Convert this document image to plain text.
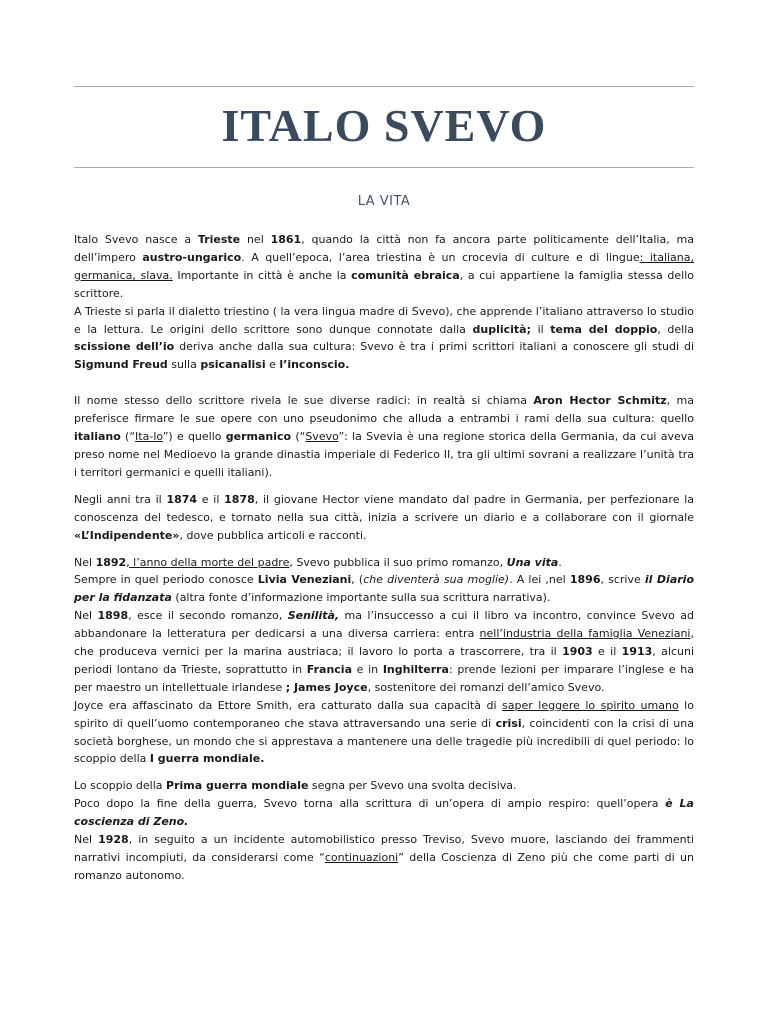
ITALO SVEVO
LA VITA

Italo Svevo nasce a Trieste nel 1861, quando la città non fa ancora parte politicamente dell’Italia, ma dell’impero austro-ungarico. A quell’epoca, l’area triestina è un crocevia di culture e di lingue: italiana, germanica, slava. Importante in città è anche la comunità ebraica, a cui appartiene la famiglia stessa dello scrittore.
A Trieste si parla il dialetto triestino ( la vera lingua madre di Svevo), che apprende l’italiano attraverso lo studio e la lettura. Le origini dello scrittore sono dunque connotate dalla duplicità; il tema del doppio, della scissione dell’io deriva anche dalla sua cultura: Svevo è tra i primi scrittori italiani a conoscere gli studi di Sigmund Freud sulla psicanalisi e l’inconscio.

Il nome stesso dello scrittore rivela le sue diverse radici: in realtà si chiama Aron Hector Schmitz, ma preferisce firmare le sue opere con uno pseudonimo che alluda a entrambi i rami della sua cultura: quello italiano (“Ita-lo”) e quello germanico (“Svevo”: la Svevia è una regione storica della Germania, da cui aveva preso nome nel Medioevo la grande dinastia imperiale di Federico II, tra gli ultimi sovrani a realizzare l’unità tra i territori germanici e quelli italiani).

Negli anni tra il 1874 e il 1878, il giovane Hector viene mandato dal padre in Germania, per perfezionare la conoscenza del tedesco, e tornato nella sua città, inizia a scrivere un diario e a collaborare con il giornale «L’Indipendente», dove pubblica articoli e racconti.

Nel 1892, l’anno della morte del padre, Svevo pubblica il suo primo romanzo, Una vita.
Sempre in quel periodo conosce Livia Veneziani, (che diventerà sua moglie). A lei ,nel 1896, scrive il Diario per la fidanzata (altra fonte d’informazione importante sulla sua scrittura narrativa).
Nel 1898, esce il secondo romanzo, Senilità, ma l’insuccesso a cui il libro va incontro, convince Svevo ad abbandonare la letteratura per dedicarsi a una diversa carriera: entra nell’industria della famiglia Veneziani, che produceva vernici per la marina austriaca; il lavoro lo porta a trascorrere, tra il 1903 e il 1913, alcuni periodi lontano da Trieste, soprattutto in Francia e in Inghilterra: prende lezioni per imparare l’inglese e ha per maestro un intellettuale irlandese ; James Joyce, sostenitore dei romanzi dell’amico Svevo.
Joyce era affascinato da Ettore Smith, era catturato dalla sua capacità di saper leggere lo spirito umano lo spirito di quell’uomo contemporaneo che stava attraversando una serie di crisi, coincidenti con la crisi di una società borghese, un mondo che si apprestava a mantenere una delle tragedie più incredibili di quel periodo: lo scoppio della I guerra mondiale.

Lo scoppio della Prima guerra mondiale segna per Svevo una svolta decisiva.
Poco dopo la fine della guerra, Svevo torna alla scrittura di un’opera di ampio respiro: quell’opera è La coscienza di Zeno.
Nel 1928, in seguito a un incidente automobilistico presso Treviso, Svevo muore, lasciando dei frammenti narrativi incompiuti, da considerarsi come “continuazioni” della Coscienza di Zeno più che come parti di un romanzo autonomo.
